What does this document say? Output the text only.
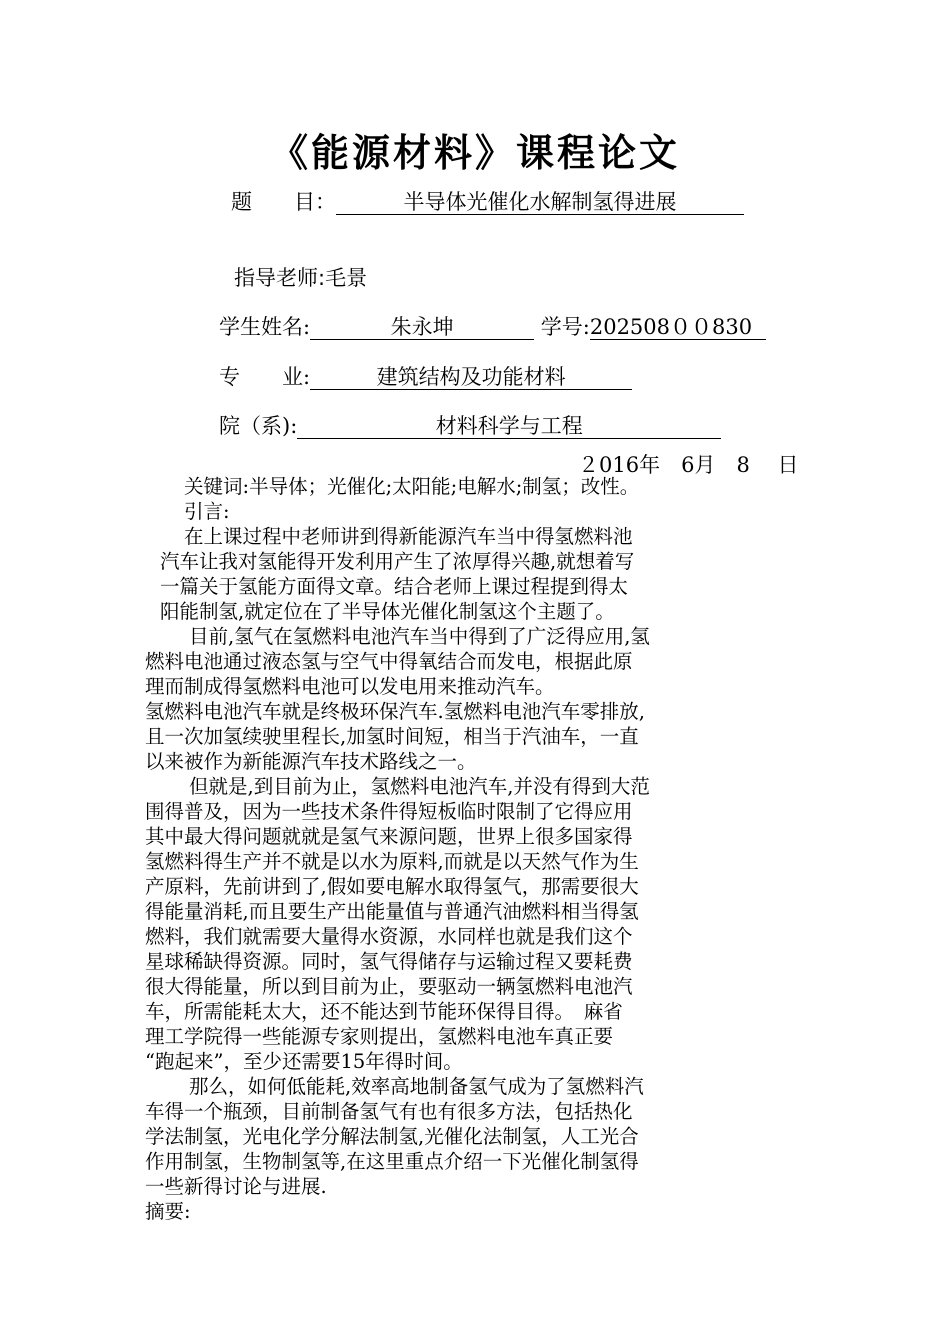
《能源材料》课程论文
题　　目：	半导体光催化水解制氢得进展
指导老师:毛景
学生姓名:	朱永坤	学号:202508００830
专　　业:	建筑结构及功能材料
院（系):	材料科学与工程
２016年　6月　8　 日
关键词:半导体；光催化;太阳能;电解水;制氢；改性。
引言:
在上课过程中老师讲到得新能源汽车当中得氢燃料池
汽车让我对氢能得开发利用产生了浓厚得兴趣,就想着写
一篇关于氢能方面得文章。结合老师上课过程提到得太
阳能制氢,就定位在了半导体光催化制氢这个主题了。
目前,氢气在氢燃料电池汽车当中得到了广泛得应用,氢
燃料电池通过液态氢与空气中得氧结合而发电，根据此原
理而制成得氢燃料电池可以发电用来推动汽车。
氢燃料电池汽车就是终极环保汽车.氢燃料电池汽车零排放,
且一次加氢续驶里程长,加氢时间短，相当于汽油车，一直
以来被作为新能源汽车技术路线之一。
但就是,到目前为止，氢燃料电池汽车,并没有得到大范
围得普及，因为一些技术条件得短板临时限制了它得应用
其中最大得问题就就是氢气来源问题，世界上很多国家得
氢燃料得生产并不就是以水为原料,而就是以天然气作为生
产原料，先前讲到了,假如要电解水取得氢气，那需要很大
得能量消耗,而且要生产出能量值与普通汽油燃料相当得氢
燃料，我们就需要大量得水资源，水同样也就是我们这个
星球稀缺得资源。同时，氢气得储存与运输过程又要耗费
很大得能量，所以到目前为止，要驱动一辆氢燃料电池汽
车，所需能耗太大，还不能达到节能环保得目得。　麻省
理工学院得一些能源专家则提出，氢燃料电池车真正要
“跑起来”，至少还需要15年得时间。
那么，如何低能耗,效率高地制备氢气成为了氢燃料汽
车得一个瓶颈，目前制备氢气有也有很多方法，包括热化
学法制氢，光电化学分解法制氢,光催化法制氢，人工光合
作用制氢，生物制氢等,在这里重点介绍一下光催化制氢得
一些新得讨论与进展.
摘要:
